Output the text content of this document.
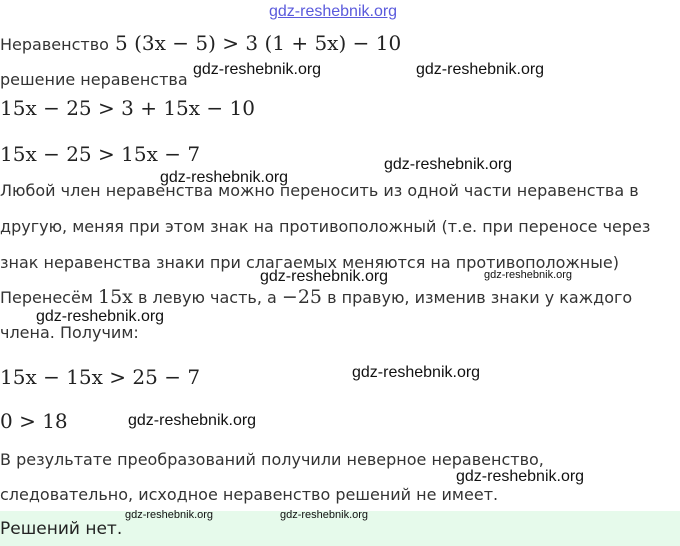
gdz-reshebnik.org
Неравенство 5 (3x − 5) > 3 (1 + 5x) − 10
решение неравенства
15x − 25 > 3 + 15x − 10
15x − 25 > 15x − 7
Любой член неравенства можно переносить из одной части неравенства в
другую, меняя при этом знак на противоположный (т.е. при переносе через
знак неравенства знаки при слагаемых меняются на противоположные)
Перенесём 15x в левую часть, а −25 в правую, изменив знаки у каждого
члена. Получим:
15x − 15x > 25 − 7
0 > 18
В результате преобразований получили неверное неравенство,
следовательно, исходное неравенство решений не имеет.
Решений нет.
gdz-reshebnik.org	gdz-reshebnik.org
gdz-reshebnik.org
gdz-reshebnik.org
gdz-reshebnik.org	gdz-reshebnik.org
gdz-reshebnik.org
gdz-reshebnik.org
gdz-reshebnik.org
gdz-reshebnik.org
gdz-reshebnik.org	gdz-reshebnik.org
